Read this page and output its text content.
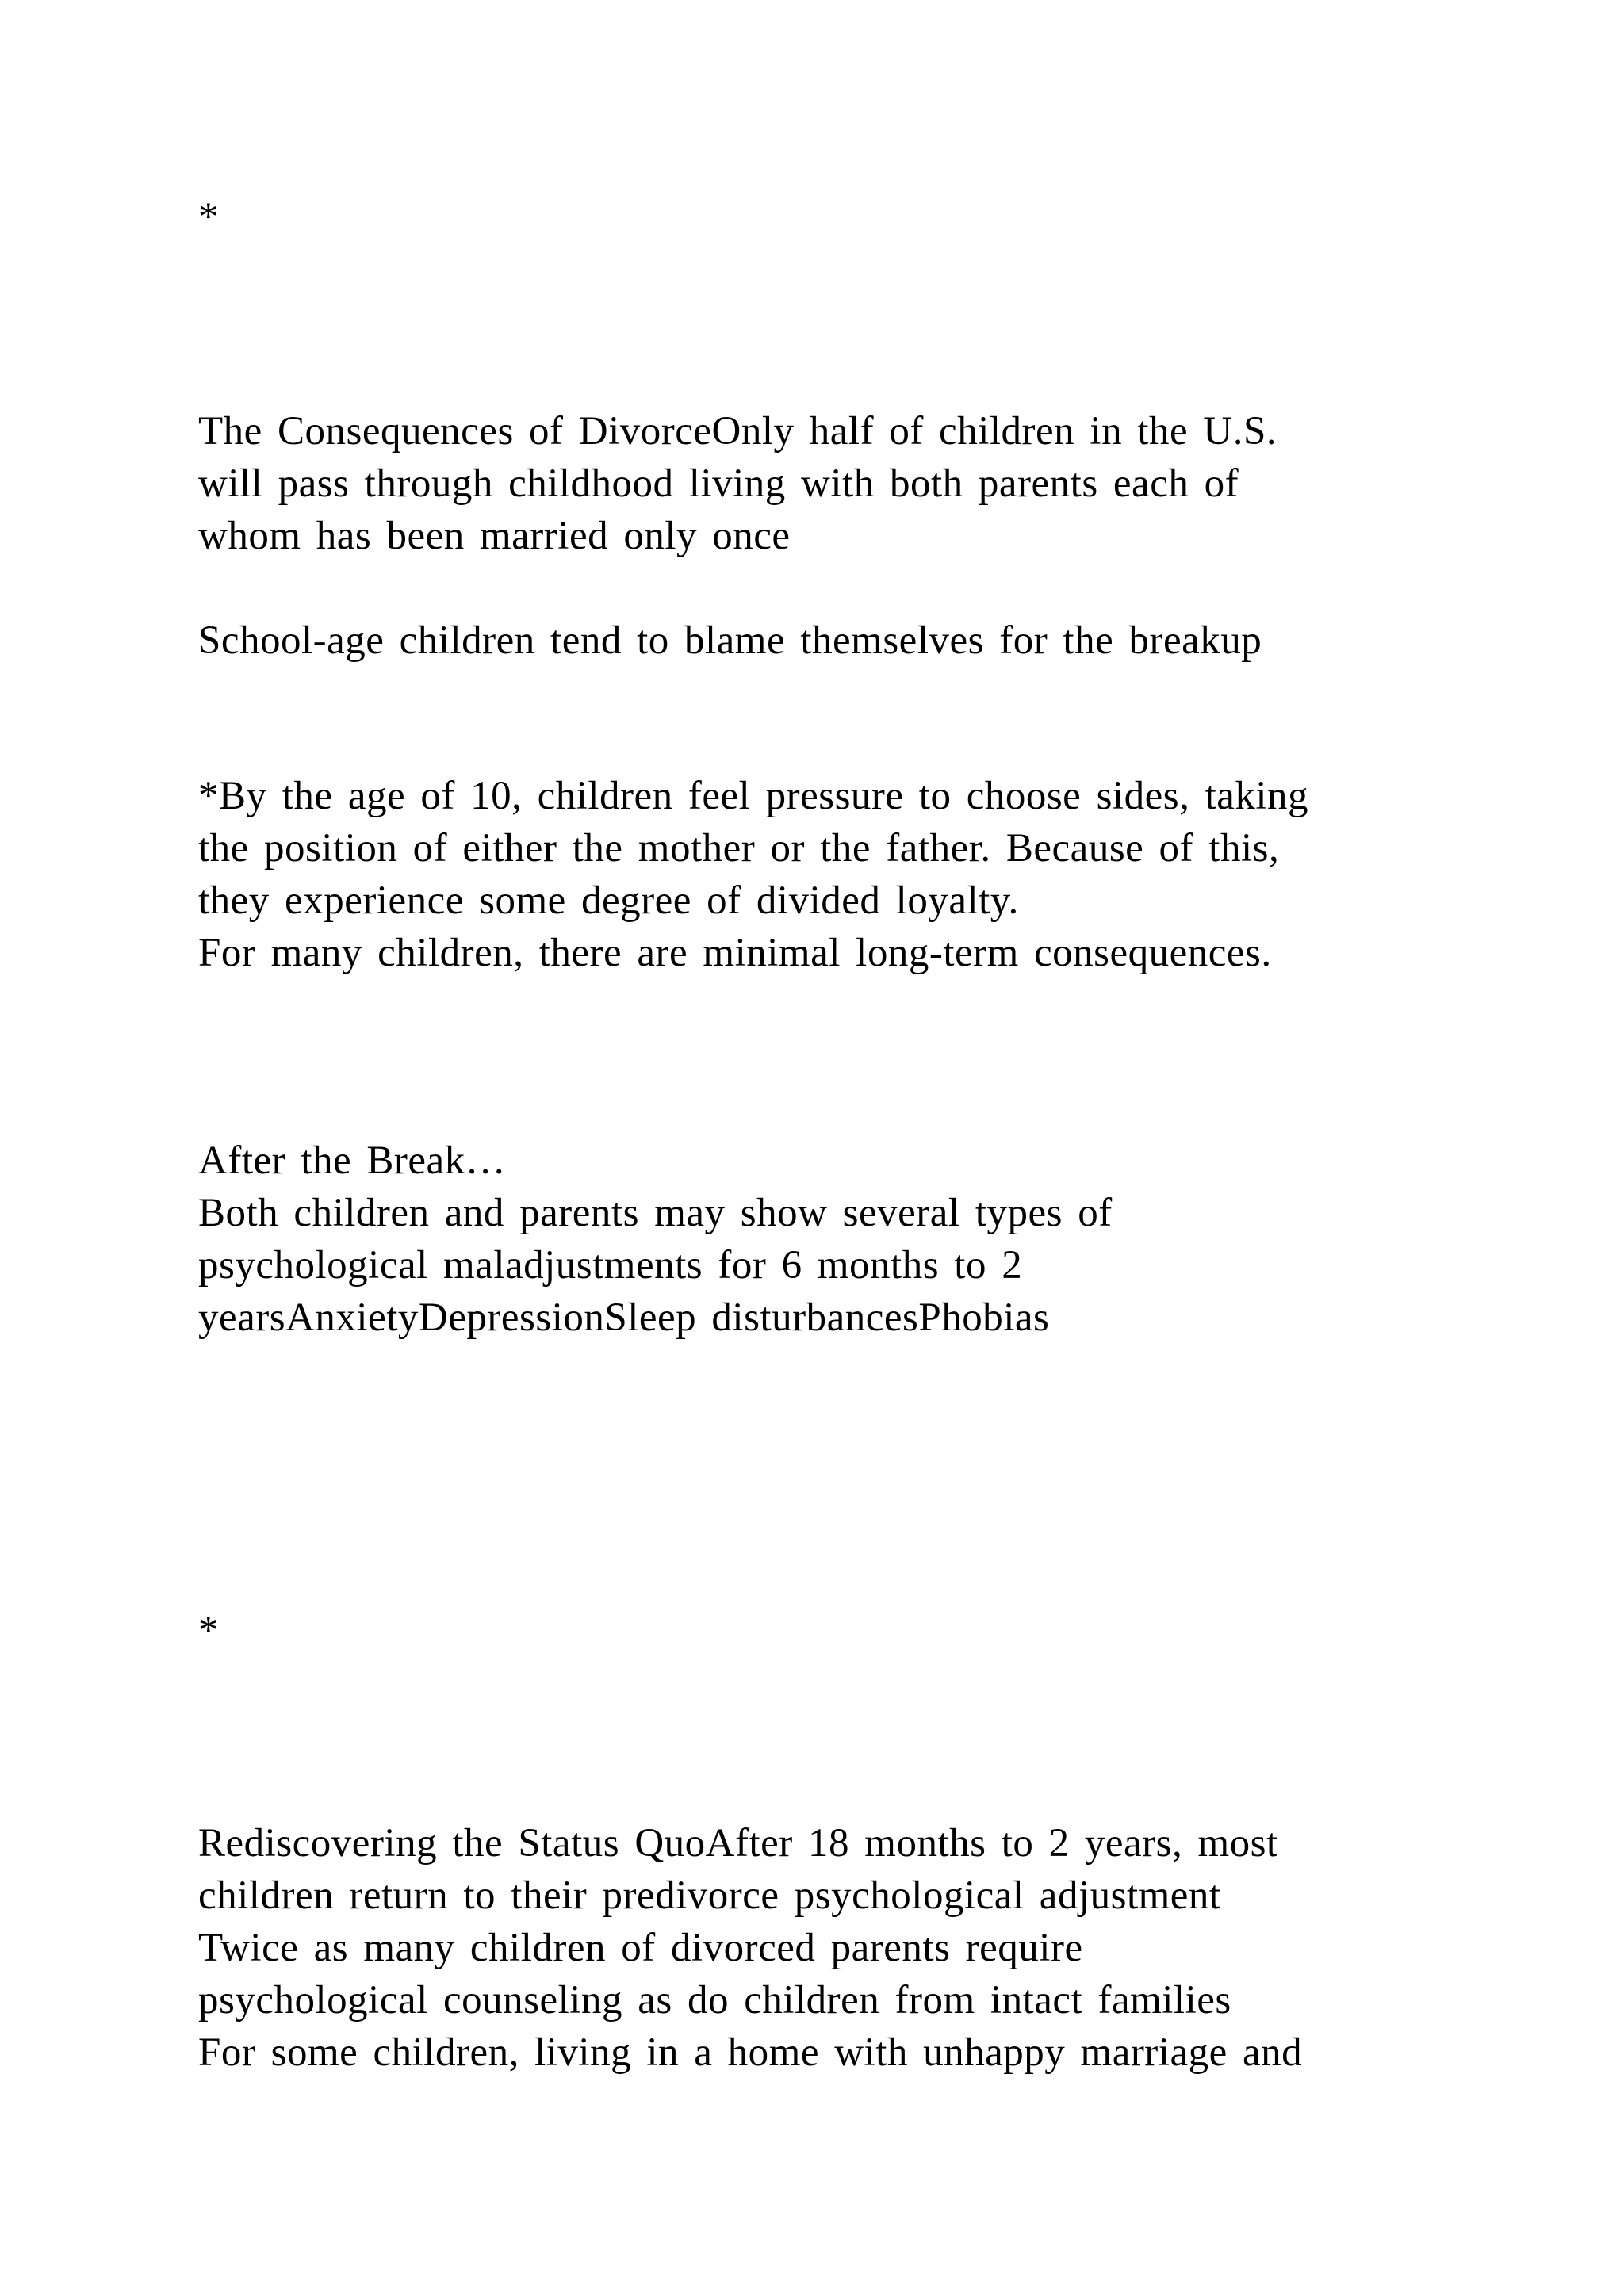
*
The Consequences of DivorceOnly half of children in the U.S.
will pass through childhood living with both parents each of
whom has been married only once
School-age children tend to blame themselves for the breakup
*By the age of 10, children feel pressure to choose sides, taking
the position of either the mother or the father. Because of this,
they experience some degree of divided loyalty.
For many children, there are minimal long-term consequences.
After the Break…
Both children and parents may show several types of
psychological maladjustments for 6 months to 2
yearsAnxietyDepressionSleep disturbancesPhobias
*
Rediscovering the Status QuoAfter 18 months to 2 years, most
children return to their predivorce psychological adjustment
Twice as many children of divorced parents require
psychological counseling as do children from intact families
For some children, living in a home with unhappy marriage and
